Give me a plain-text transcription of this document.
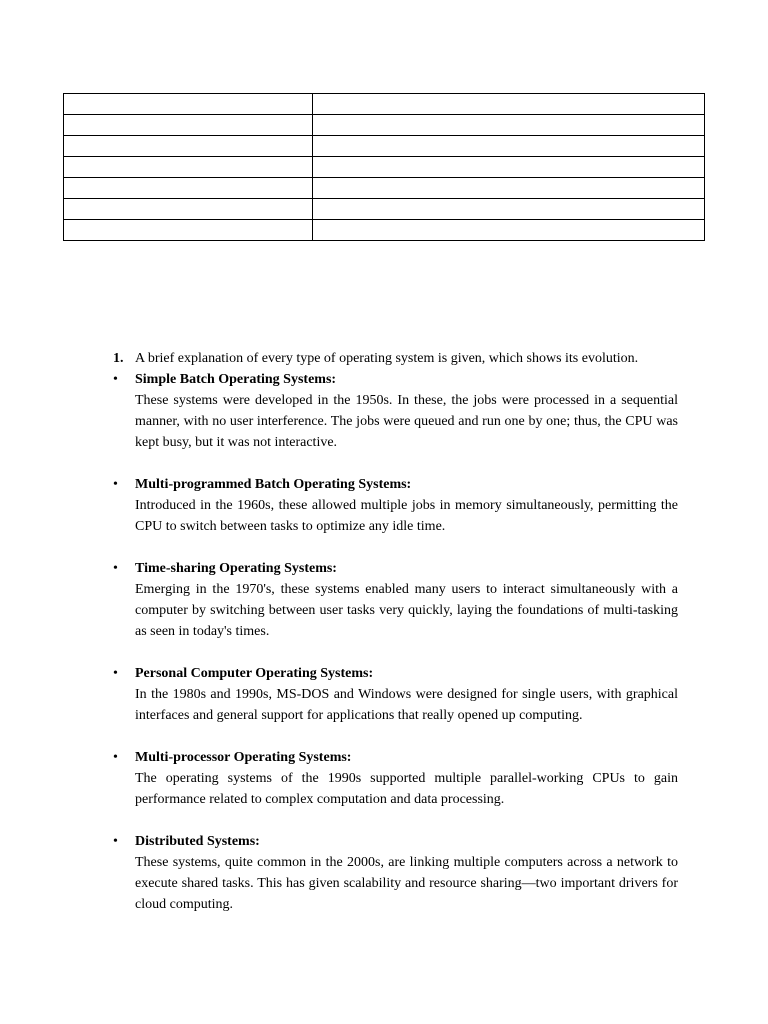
1. A brief explanation of every type of operating system is given, which shows its evolution.
• Simple Batch Operating Systems:
These systems were developed in the 1950s. In these, the jobs were processed in a sequential manner, with no user interference. The jobs were queued and run one by one; thus, the CPU was kept busy, but it was not interactive.
• Multi-programmed Batch Operating Systems:
Introduced in the 1960s, these allowed multiple jobs in memory simultaneously, permitting the CPU to switch between tasks to optimize any idle time.
• Time-sharing Operating Systems:
Emerging in the 1970's, these systems enabled many users to interact simultaneously with a computer by switching between user tasks very quickly, laying the foundations of multi-tasking as seen in today's times.
• Personal Computer Operating Systems:
In the 1980s and 1990s, MS-DOS and Windows were designed for single users, with graphical interfaces and general support for applications that really opened up computing.
• Multi-processor Operating Systems:
The operating systems of the 1990s supported multiple parallel-working CPUs to gain performance related to complex computation and data processing.
• Distributed Systems:
These systems, quite common in the 2000s, are linking multiple computers across a network to execute shared tasks. This has given scalability and resource sharing—two important drivers for cloud computing.
